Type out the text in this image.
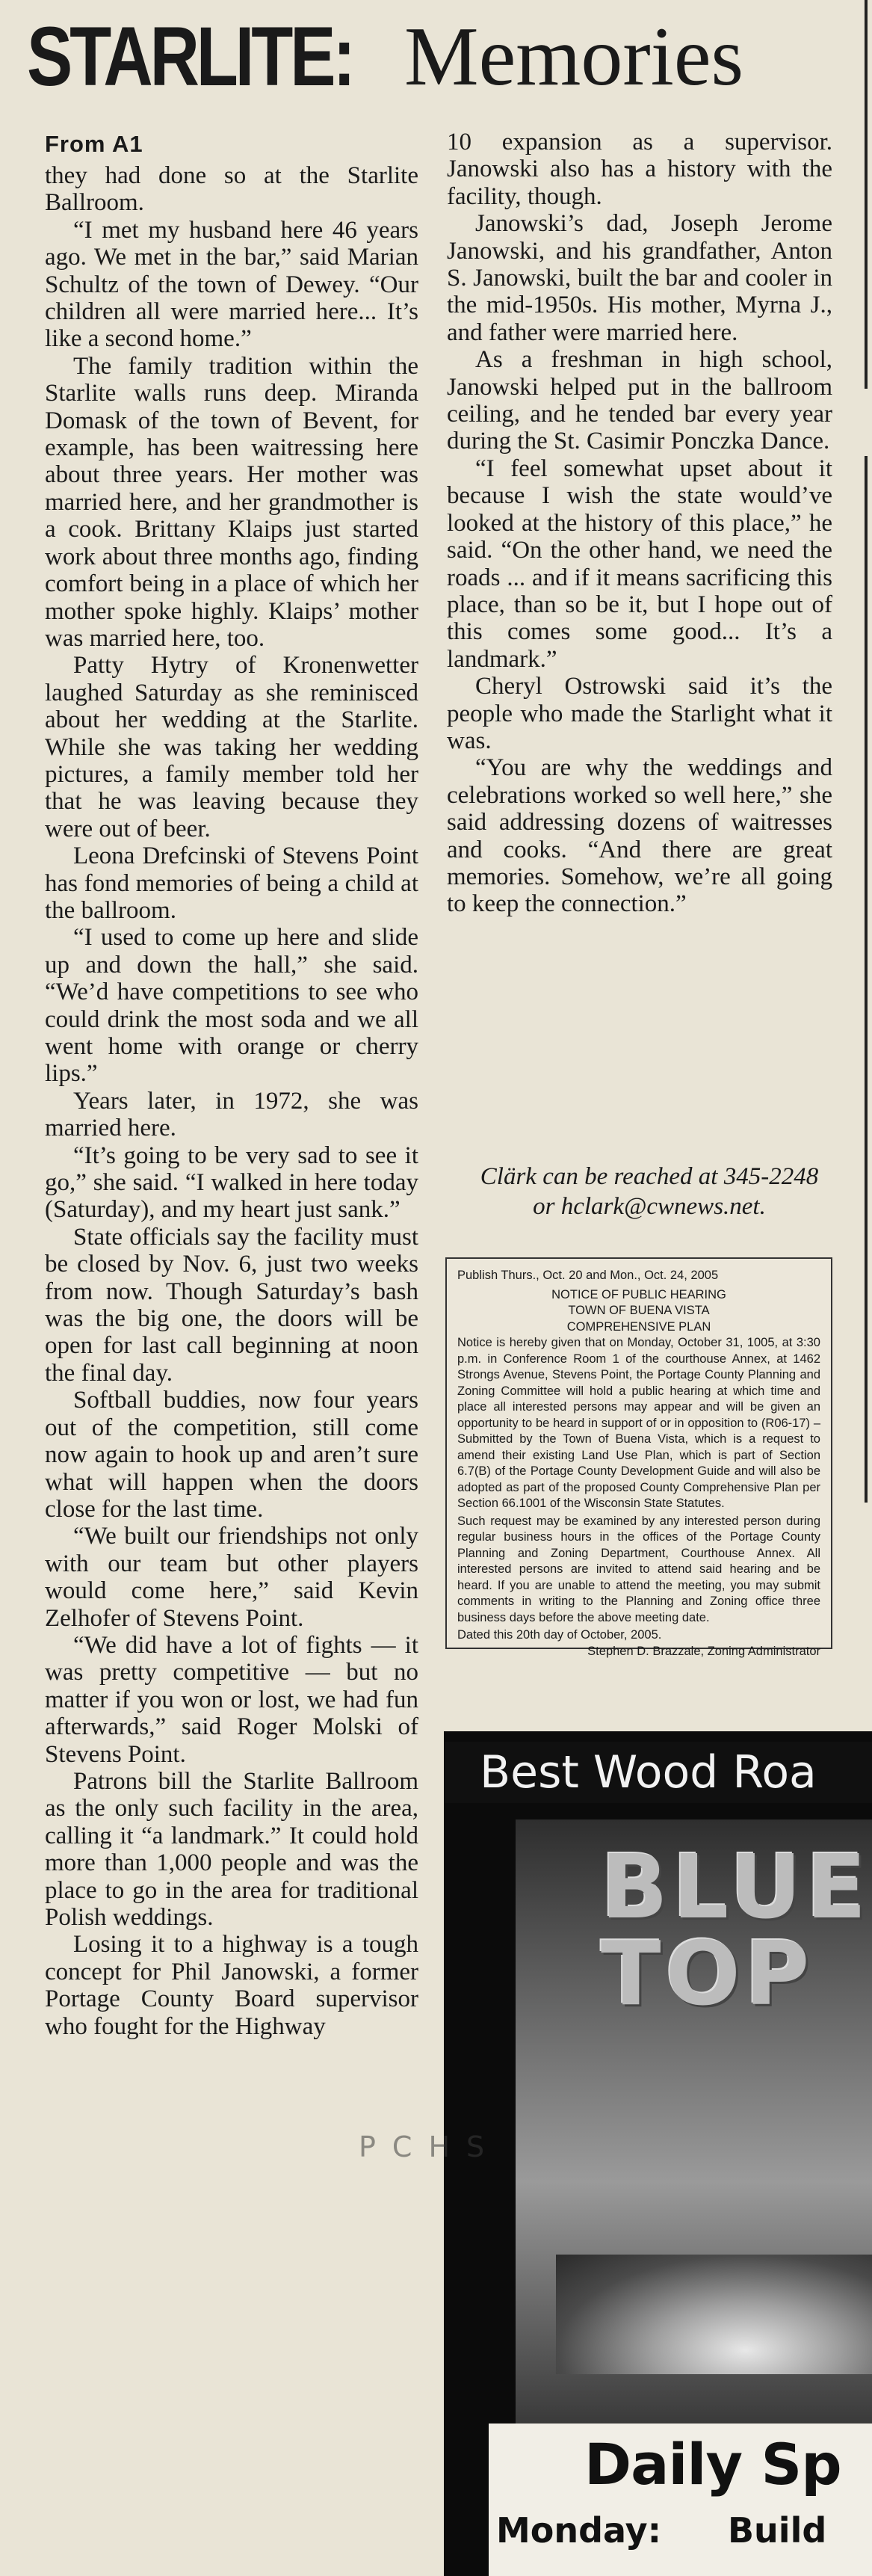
STARLITE: Memories
From A1

they had done so at the Starlite Ballroom.

“I met my husband here 46 years ago. We met in the bar,” said Marian Schultz of the town of Dewey. “Our children all were married here... It’s like a second home.”

The family tradition within the Starlite walls runs deep. Miranda Domask of the town of Bevent, for example, has been waitressing here about three years. Her mother was married here, and her grandmother is a cook. Brittany Klaips just started work about three months ago, finding comfort being in a place of which her mother spoke highly. Klaips’ mother was married here, too.

Patty Hytry of Kronenwetter laughed Saturday as she reminisced about her wedding at the Starlite. While she was taking her wedding pictures, a family member told her that he was leaving because they were out of beer.

Leona Drefcinski of Stevens Point has fond memories of being a child at the ballroom.

“I used to come up here and slide up and down the hall,” she said. “We’d have competitions to see who could drink the most soda and we all went home with orange or cherry lips.”

Years later, in 1972, she was married here.

“It’s going to be very sad to see it go,” she said. “I walked in here today (Saturday), and my heart just sank.”

State officials say the facility must be closed by Nov. 6, just two weeks from now. Though Saturday’s bash was the big one, the doors will be open for last call beginning at noon the final day.

Softball buddies, now four years out of the competition, still come now again to hook up and aren’t sure what will happen when the doors close for the last time.

“We built our friendships not only with our team but other players would come here,” said Kevin Zelhofer of Stevens Point.

“We did have a lot of fights — it was pretty competitive — but no matter if you won or lost, we had fun afterwards,” said Roger Molski of Stevens Point.

Patrons bill the Starlite Ballroom as the only such facility in the area, calling it “a landmark.” It could hold more than 1,000 people and was the place to go in the area for traditional Polish weddings.

Losing it to a highway is a tough concept for Phil Janowski, a former Portage County Board supervisor who fought for the Highway

10 expansion as a supervisor. Janowski also has a history with the facility, though.

Janowski’s dad, Joseph Jerome Janowski, and his grandfather, Anton S. Janowski, built the bar and cooler in the mid-1950s. His mother, Myrna J., and father were married here.

As a freshman in high school, Janowski helped put in the ballroom ceiling, and he tended bar every year during the St. Casimir Ponczka Dance.

“I feel somewhat upset about it because I wish the state would’ve looked at the history of this place,” he said. “On the other hand, we need the roads ... and if it means sacrificing this place, than so be it, but I hope out of this comes some good... It’s a landmark.”

Cheryl Ostrowski said it’s the people who made the Starlight what it was.

“You are why the weddings and celebrations worked so well here,” she said addressing dozens of waitresses and cooks. “And there are great memories. Somehow, we’re all going to keep the connection.”

Clärk can be reached at 345-2248 or hclark@cwnews.net.
Publish Thurs., Oct. 20 and Mon., Oct. 24, 2005
NOTICE OF PUBLIC HEARING
TOWN OF BUENA VISTA
COMPREHENSIVE PLAN

Notice is hereby given that on Monday, October 31, 1005, at 3:30 p.m. in Conference Room 1 of the courthouse Annex, at 1462 Strongs Avenue, Stevens Point, the Portage County Planning and Zoning Committee will hold a public hearing at which time and place all interested persons may appear and will be given an opportunity to be heard in support of or in opposition to (R06-17) – Submitted by the Town of Buena Vista, which is a request to amend their existing Land Use Plan, which is part of Section 6.7(B) of the Portage County Development Guide and will also be adopted as part of the proposed County Comprehensive Plan per Section 66.1001 of the Wisconsin State Statutes.

Such request may be examined by any interested person during regular business hours in the offices of the Portage County Planning and Zoning Department, Courthouse Annex. All interested persons are invited to attend said hearing and be heard. If you are unable to attend the meeting, you may submit comments in writing to the Planning and Zoning office three business days before the above meeting date.

Dated this 20th day of October, 2005.
Stephen D. Brazzale, Zoning Administrator
Best Wood Roa
BLUE
TOP
Daily Sp
Monday: Build
PCHS
